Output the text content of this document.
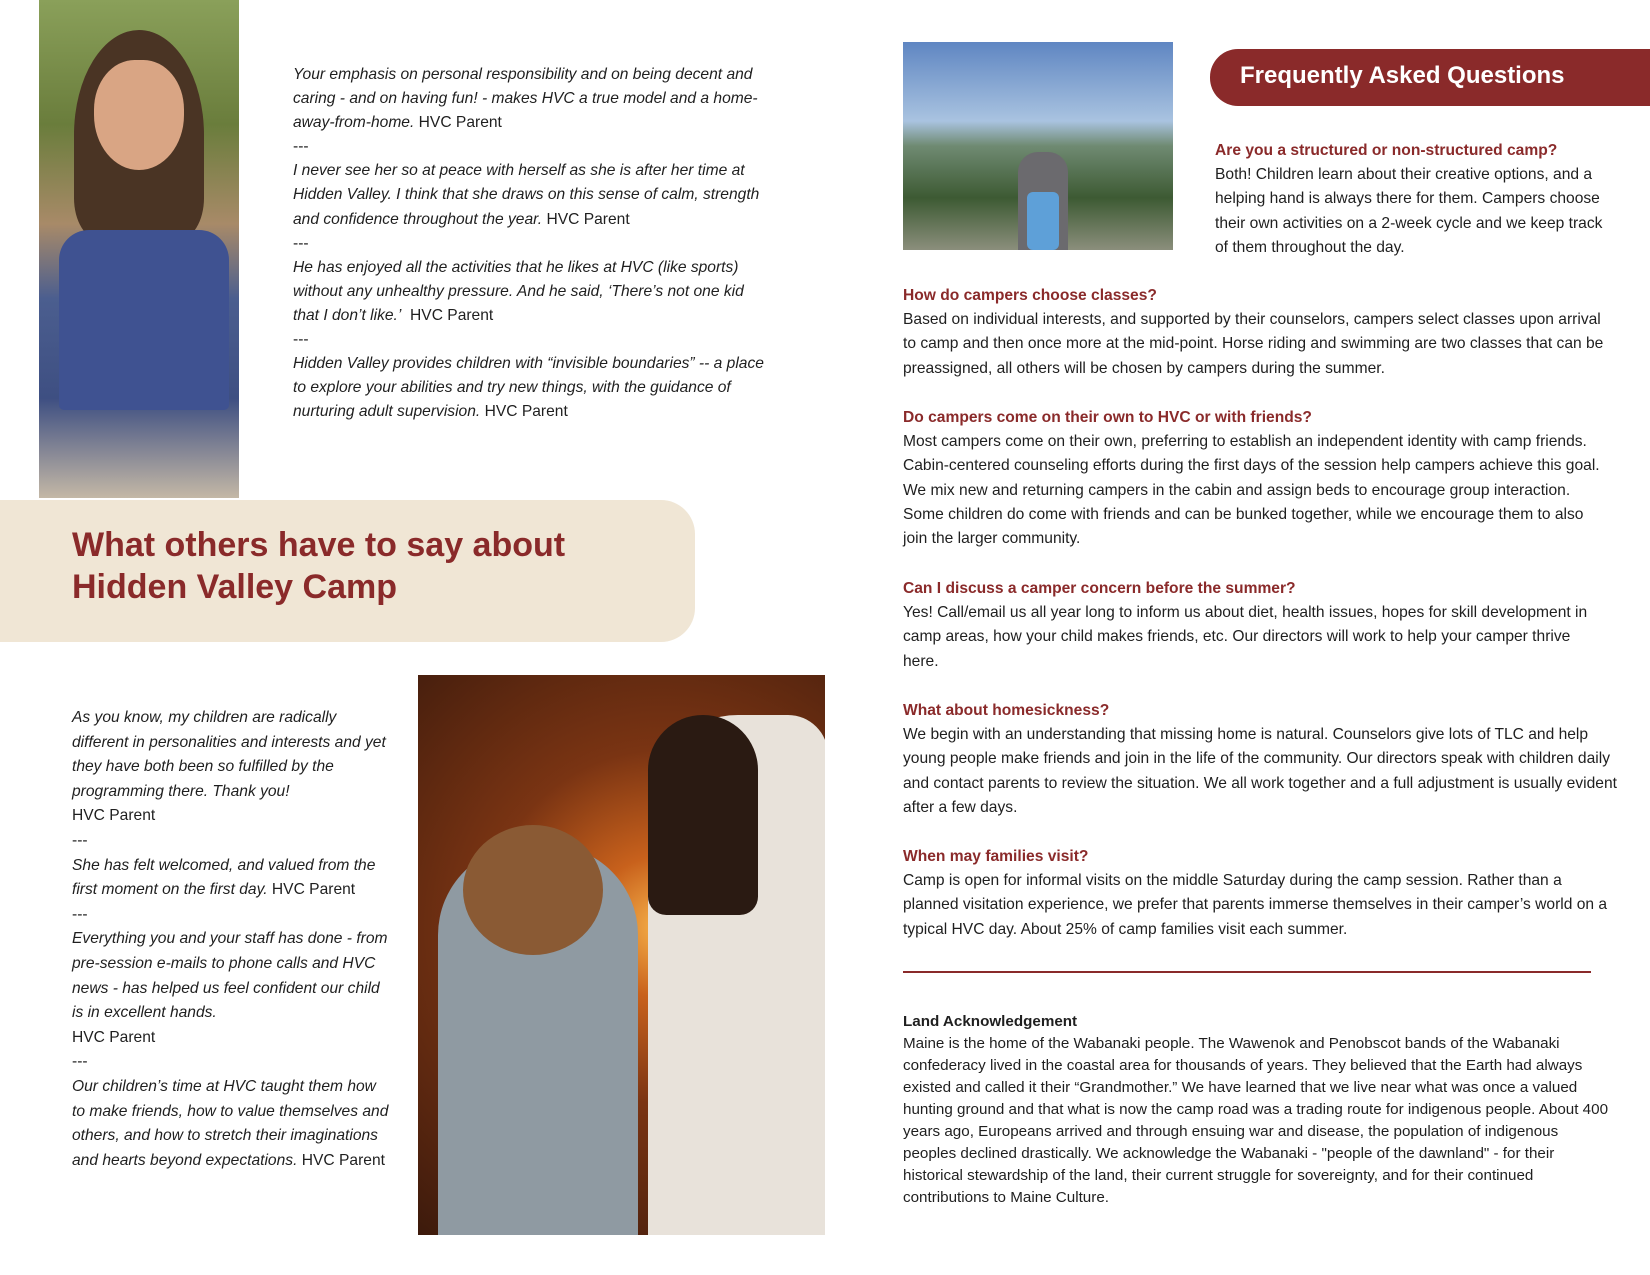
Your emphasis on personal responsibility and on being decent and caring - and on having fun! - makes HVC a true model and a home-away-from-home. HVC Parent
---
I never see her so at peace with herself as she is after her time at Hidden Valley. I think that she draws on this sense of calm, strength and confidence throughout the year. HVC Parent
---
He has enjoyed all the activities that he likes at HVC (like sports) without any unhealthy pressure. And he said, ‘There’s not one kid that I don’t like.’ HVC Parent
---
Hidden Valley provides children with “invisible boundaries” -- a place to explore your abilities and try new things, with the guidance of nurturing adult supervision. HVC Parent
What others have to say about Hidden Valley Camp
As you know, my children are radically different in personalities and interests and yet they have both been so fulfilled by the programming there. Thank you!
HVC Parent
---
She has felt welcomed, and valued from the first moment on the first day. HVC Parent
---
Everything you and your staff has done - from pre-session e-mails to phone calls and HVC news - has helped us feel confident our child is in excellent hands.
HVC Parent
---
Our children’s time at HVC taught them how to make friends, how to value themselves and others, and how to stretch their imaginations and hearts beyond expectations. HVC Parent
Frequently Asked Questions
Are you a structured or non-structured camp?
Both! Children learn about their creative options, and a helping hand is always there for them. Campers choose their own activities on a 2-week cycle and we keep track of them throughout the day.
How do campers choose classes?
Based on individual interests, and supported by their counselors, campers select classes upon arrival to camp and then once more at the mid-point. Horse riding and swimming are two classes that can be preassigned, all others will be chosen by campers during the summer.
Do campers come on their own to HVC or with friends?
Most campers come on their own, preferring to establish an independent identity with camp friends. Cabin-centered counseling efforts during the first days of the session help campers achieve this goal. We mix new and returning campers in the cabin and assign beds to encourage group interaction. Some children do come with friends and can be bunked together, while we encourage them to also join the larger community.
Can I discuss a camper concern before the summer?
Yes! Call/email us all year long to inform us about diet, health issues, hopes for skill development in camp areas, how your child makes friends, etc. Our directors will work to help your camper thrive here.
What about homesickness?
We begin with an understanding that missing home is natural. Counselors give lots of TLC and help young people make friends and join in the life of the community. Our directors speak with children daily and contact parents to review the situation. We all work together and a full adjustment is usually evident after a few days.
When may families visit?
Camp is open for informal visits on the middle Saturday during the camp session. Rather than a planned visitation experience, we prefer that parents immerse themselves in their camper’s world on a typical HVC day. About 25% of camp families visit each summer.
Land Acknowledgement
Maine is the home of the Wabanaki people. The Wawenok and Penobscot bands of the Wabanaki confederacy lived in the coastal area for thousands of years. They believed that the Earth had always existed and called it their “Grandmother.” We have learned that we live near what was once a valued hunting ground and that what is now the camp road was a trading route for indigenous people. About 400 years ago, Europeans arrived and through ensuing war and disease, the population of indigenous peoples declined drastically. We acknowledge the Wabanaki - "people of the dawnland" - for their historical stewardship of the land, their current struggle for sovereignty, and for their continued contributions to Maine Culture.
